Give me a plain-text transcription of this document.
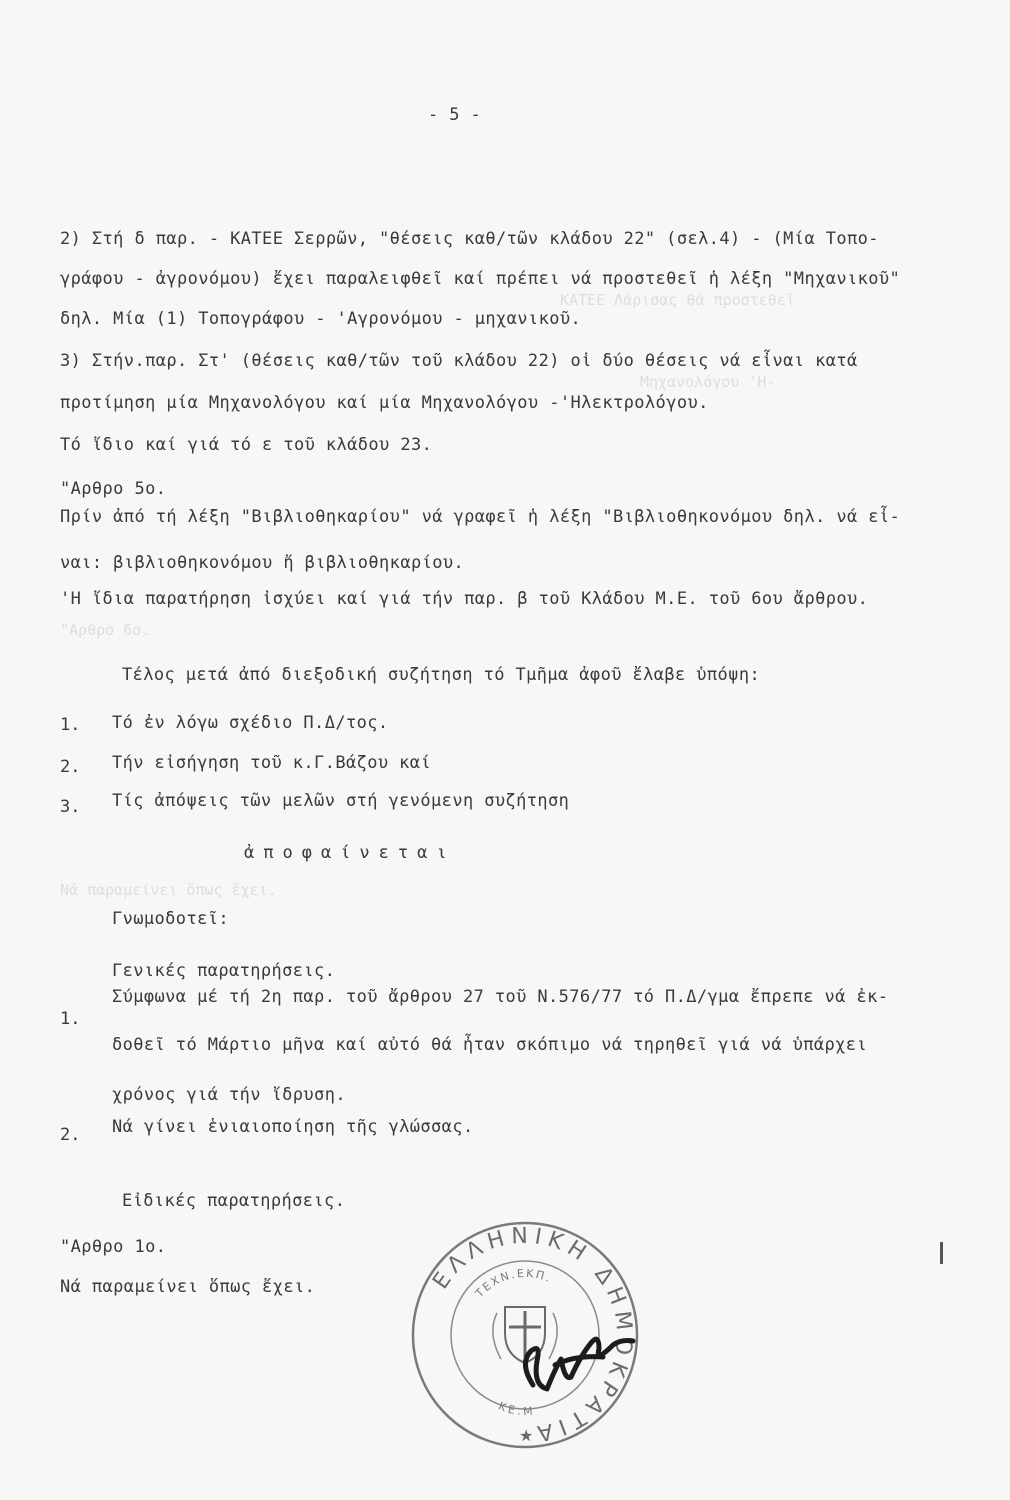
ΚΑΤΕΕ Λάρισας θά προστεθεῖ
Μηχανολόγου 'Η-
"Αρθρο 6ο.
Νά παραμείνει ὅπως ἔχει.
- 5 -
2) Στή δ παρ. - ΚΑΤΕΕ Σερρῶν, "θέσεις καθ/τῶν κλάδου 22" (σελ.4) - (Μία Τοπο-
γράφου - ἀγρονόμου) ἔχει παραλειφθεῖ καί πρέπει νά προστεθεῖ ἡ λέξη "Μηχανικοῦ"
δηλ. Μία (1) Τοπογράφου - 'Αγρονόμου - μηχανικοῦ.
3) Στήν.παρ. Στ' (θέσεις καθ/τῶν τοῦ κλάδου 22) οἱ δύο θέσεις νά εἶναι κατά
προτίμηση μία Μηχανολόγου καί μία Μηχανολόγου -'Ηλεκτρολόγου.
Τό ἴδιο καί γιά τό ε τοῦ κλάδου 23.
"Αρθρο 5ο.
Πρίν ἀπό τή λέξη "Βιβλιοθηκαρίου" νά γραφεῖ ἡ λέξη "Βιβλιοθηκονόμου δηλ. νά εἶ-
ναι: βιβλιοθηκονόμου ἤ βιβλιοθηκαρίου.
'Η ἴδια παρατήρηση ἰσχύει καί γιά τήν παρ. β τοῦ Κλάδου Μ.Ε. τοῦ 6ου ἄρθρου.
Τέλος μετά ἀπό διεξοδική συζήτηση τό Τμῆμα ἀφοῦ ἔλαβε ὑπόψη:
1. Τό ἐν λόγω σχέδιο Π.Δ/τος.
2. Τήν εἰσήγηση τοῦ κ.Γ.Βάζου καί
3. Τίς ἀπόψεις τῶν μελῶν στή γενόμενη συζήτηση
ἀποφαίνεται
Γνωμοδοτεῖ:
Γενικές παρατηρήσεις.
1.
Σύμφωνα μέ τή 2η παρ. τοῦ ἄρθρου 27 τοῦ Ν.576/77 τό Π.Δ/γμα ἔπρεπε νά ἐκ-
δοθεῖ τό Μάρτιο μῆνα καί αὐτό θά ἦταν σκόπιμο νά τηρηθεῖ γιά νά ὑπάρχει
χρόνος γιά τήν ἴδρυση.
2. Νά γίνει ἑνιαιοποίηση τῆς γλώσσας.
Εἰδικές παρατηρήσεις.
"Αρθρο 1ο.
Νά παραμείνει ὅπως ἔχει.	ΕΛΛΗΝΙΚΗ ΔΗΜΟΚΡΑΤΙΑ
ΤΕΧΝ.ΕΚΠ.
ΚΕ.Μ
★
